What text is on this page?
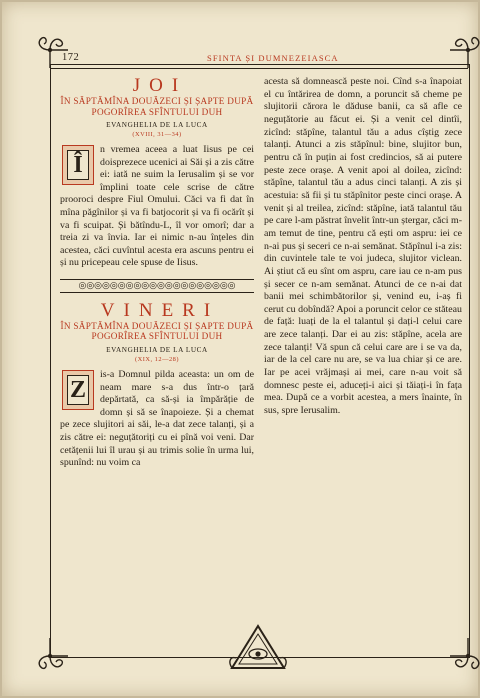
172	SFINTA ȘI DUMNEZEIASCA
JOI
ÎN SĂPTĂMÎNA DOUĂZECI ȘI ȘAPTE DUPĂ POGORÎREA SFÎNTULUI DUH
EVANGHELIA DE LA LUCA
(XVIII, 31—34)
Î
n vremea aceea a luat Iisus pe cei doisprezece ucenici ai Săi și a zis către ei: iată ne suim la Ierusalim și se vor împlini toate cele scrise de către prooroci despre Fiul Omului. Căci va fi dat în mîna păgînilor și va fi batjocorit și va fi ocărît și va fi scuipat. Și bătîndu-L, îl vor omorî; dar a treia zi va învia. Iar ei nimic n-au înțeles din acestea, căci cuvîntul acesta era ascuns pentru ei și nu pricepeau cele spuse de Iisus.
◎◎◎◎◎◎◎◎◎◎◎◎◎◎◎◎◎◎◎◎
VINERI
ÎN SĂPTĂMÎNA DOUĂZECI ȘI ȘAPTE DUPĂ POGORÎREA SFÎNTULUI DUH
EVANGHELIA DE LA LUCA
(XIX, 12—28)
Z
is-a Domnul pilda aceasta: un om de neam mare s-a dus într-o țară depărtată, ca să-și ia împărăție de domn și să se înapoieze. Și a chemat pe zece slujitori ai săi, le-a dat zece talanți, și a zis către ei: neguțătoriți cu ei pînă voi veni. Dar cetățenii lui îl urau și au trimis solie în urma lui, spunînd: nu voim ca
acesta să domnească peste noi. Cînd s-a înapoiat el cu întărirea de domn, a poruncit să cheme pe slujitorii cărora le dăduse banii, ca să afle ce neguțătorie au făcut ei. Și a venit cel dintîi, zicînd: stăpîne, talantul tău a adus cîștig zece talanți. Atunci a zis stăpînul: bine, slujitor bun, pentru că în puțin ai fost credincios, să ai putere peste zece orașe. A venit apoi al doilea, zicînd: stăpîne, talantul tău a adus cinci talanți. A zis și acestuia: să fii și tu stăpînitor peste cinci orașe. A venit și al treilea, zicînd: stăpîne, iată talantul tău pe care l-am păstrat învelit într-un ștergar, căci m-am temut de tine, pentru că ești om aspru: iei ce n-ai pus și seceri ce n-ai semănat. Stăpînul i-a zis: din cuvintele tale te voi judeca, slujitor viclean. Ai știut că eu sînt om aspru, care iau ce n-am pus și secer ce n-am semănat. Atunci de ce n-ai dat banii mei schimbătorilor și, venind eu, i-aș fi cerut cu dobîndă? Apoi a poruncit celor ce stăteau de față: luați de la el talantul și dați-l celui care are zece talanți. Dar ei au zis: stăpîne, acela are zece talanți! Vă spun că celui care are i se va da, iar de la cel care nu are, se va lua chiar și ce are. Iar pe acei vrăjmași ai mei, care n-au voit să domnesc peste ei, aduceți-i aici și tăiați-i în fața mea. După ce a vorbit acestea, a mers înainte, în sus, spre Ierusalim.
